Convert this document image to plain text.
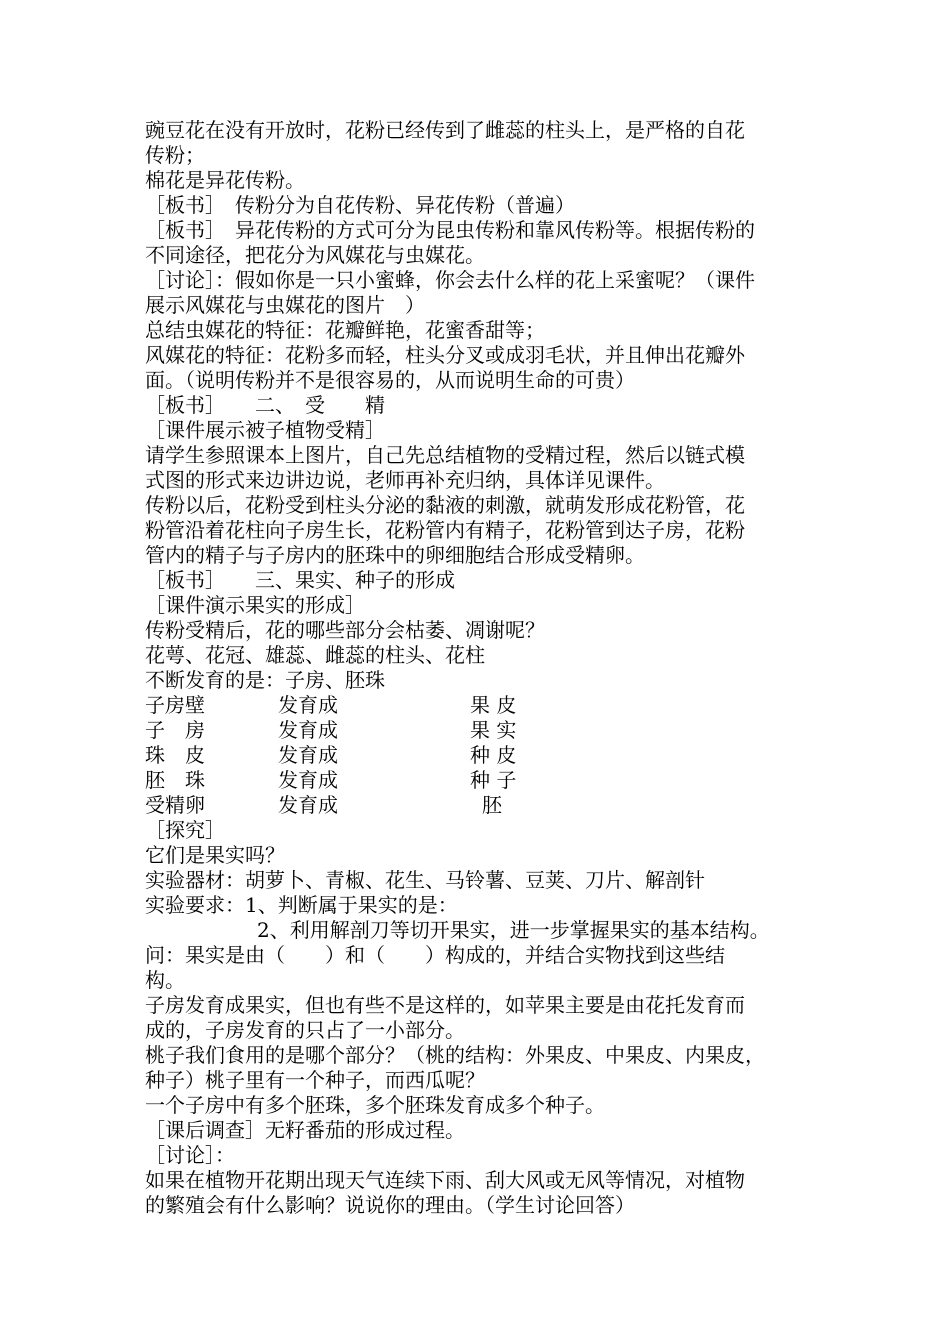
豌豆花在没有开放时，花粉已经传到了雌蕊的柱头上，是严格的自花

传粉；

棉花是异花传粉。

［板书］　传粉分为自花传粉、异花传粉（普遍）

［板书］　异花传粉的方式可分为昆虫传粉和靠风传粉等。根据传粉的

不同途径，把花分为风媒花与虫媒花。

［讨论］：假如你是一只小蜜蜂，你会去什么样的花上采蜜呢？（课件

展示风媒花与虫媒花的图片　）

总结虫媒花的特征：花瓣鲜艳，花蜜香甜等；

风媒花的特征：花粉多而轻，柱头分叉或成羽毛状，并且伸出花瓣外

面。（说明传粉并不是很容易的，从而说明生命的可贵）

［板书］　　二、　受　　精

［课件展示被子植物受精］

请学生参照课本上图片，自己先总结植物的受精过程，然后以链式模

式图的形式来边讲边说，老师再补充归纳，具体详见课件。

传粉以后，花粉受到柱头分泌的黏液的刺激，就萌发形成花粉管，花

粉管沿着花柱向子房生长，花粉管内有精子，花粉管到达子房，花粉

管内的精子与子房内的胚珠中的卵细胞结合形成受精卵。

［板书］　　三、果实、种子的形成

［课件演示果实的形成］

传粉受精后，花的哪些部分会枯萎、凋谢呢？

花萼、花冠、雄蕊、雌蕊的柱头、花柱

不断发育的是：子房、胚珠

子房壁	发育成	果 皮
子　房	发育成	果 实
珠　皮	发育成	种 皮
胚　珠	发育成	种 子
受精卵	发育成	胚

［探究］

它们是果实吗？

实验器材：胡萝卜、青椒、花生、马铃薯、豆荚、刀片、解剖针

实验要求：1、判断属于果实的是：

2、利用解剖刀等切开果实，进一步掌握果实的基本结构。

问：果实是由（ ）和（ ）构成的，并结合实物找到这些结

构。

子房发育成果实，但也有些不是这样的，如苹果主要是由花托发育而

成的，子房发育的只占了一小部分。

桃子我们食用的是哪个部分？（桃的结构：外果皮、中果皮、内果皮，

种子）桃子里有一个种子，而西瓜呢？

一个子房中有多个胚珠，多个胚珠发育成多个种子。

［课后调查］无籽番茄的形成过程。

［讨论］：

如果在植物开花期出现天气连续下雨、刮大风或无风等情况，对植物

的繁殖会有什么影响？说说你的理由。（学生讨论回答）
